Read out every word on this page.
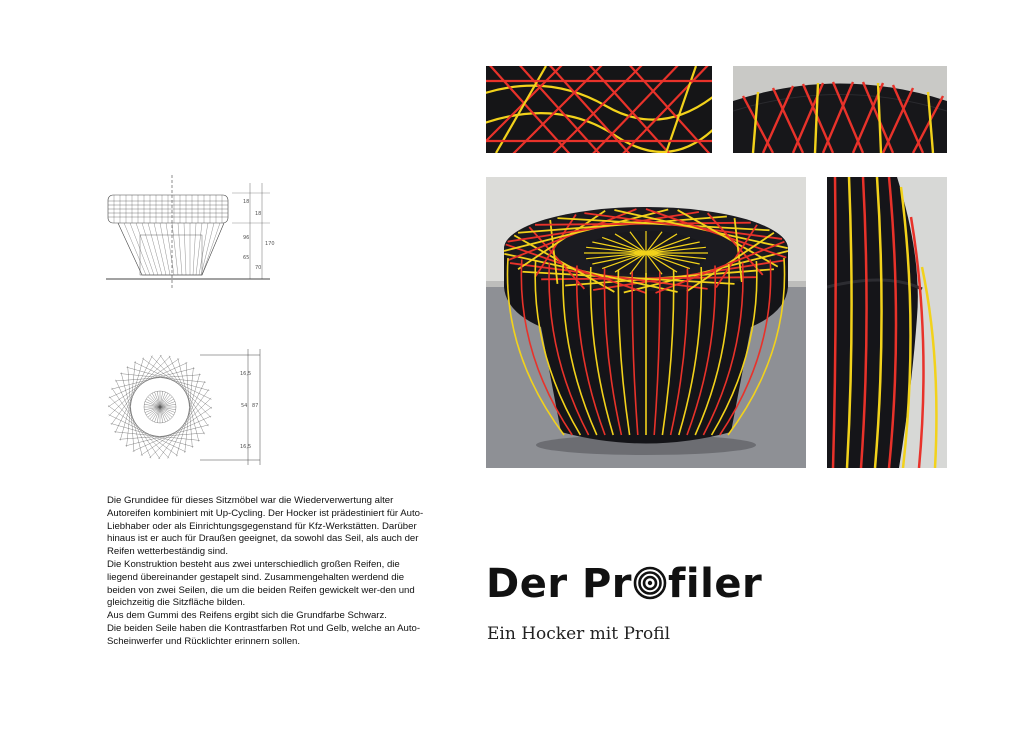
18
18
96
170
65
70
16,5
54 87
16,5

Die Grundidee für dieses Sitzmöbel war die Wiederverwertung alter Autoreifen kombiniert mit Up-Cycling. Der Hocker ist prädestiniert für Auto-Liebhaber oder als Einrichtungsgegenstand für Kfz-Werkstätten. Darüber hinaus ist er auch für Draußen geeignet, da sowohl das Seil, als auch der Reifen wetterbeständig sind.

Die Konstruktion besteht aus zwei unterschiedlich großen Reifen, die liegend übereinander gestapelt sind. Zusammengehalten werdend die beiden von zwei Seilen, die um die beiden Reifen gewickelt wer-den und gleichzeitig die Sitzfläche bilden.

Aus dem Gummi des Reifens ergibt sich die Grundfarbe Schwarz.

Die beiden Seile haben die Kontrastfarben Rot und Gelb, welche an Auto-Scheinwerfer und Rücklichter erinnern sollen.

Der Pr filer
Ein Hocker mit Profil
